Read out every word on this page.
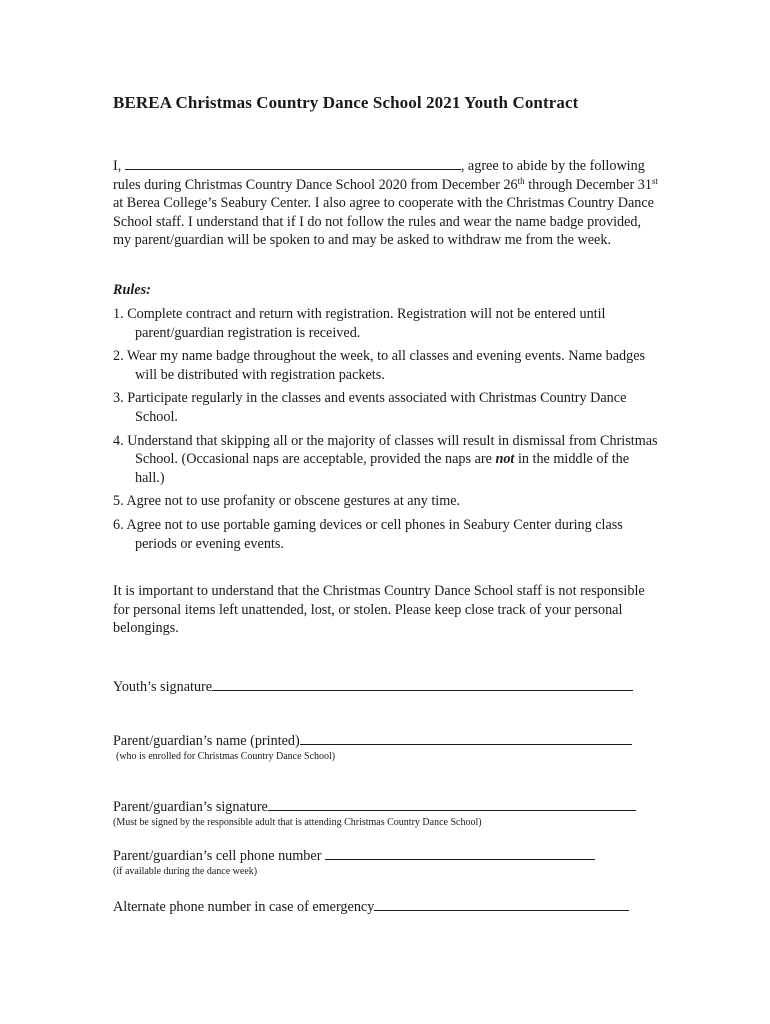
BEREA Christmas Country Dance School 2021 Youth Contract
I,	, agree to abide by the following rules during Christmas Country Dance School 2020 from December 26th through December 31st at Berea College’s Seabury Center. I also agree to cooperate with the Christmas Country Dance School staff. I understand that if I do not follow the rules and wear the name badge provided, my parent/guardian will be spoken to and may be asked to withdraw me from the week.
Rules:
1. Complete contract and return with registration. Registration will not be entered until parent/guardian registration is received.
2. Wear my name badge throughout the week, to all classes and evening events. Name badges will be distributed with registration packets.
3. Participate regularly in the classes and events associated with Christmas Country Dance School.
4. Understand that skipping all or the majority of classes will result in dismissal from Christmas School. (Occasional naps are acceptable, provided the naps are not in the middle of the hall.)
5. Agree not to use profanity or obscene gestures at any time.
6. Agree not to use portable gaming devices or cell phones in Seabury Center during class periods or evening events.
It is important to understand that the Christmas Country Dance School staff is not responsible for personal items left unattended, lost, or stolen. Please keep close track of your personal belongings.
Youth’s signature
Parent/guardian’s name (printed)
(who is enrolled for Christmas Country Dance School)
Parent/guardian’s signature
(Must be signed by the responsible adult that is attending Christmas Country Dance School)
Parent/guardian’s cell phone number
(if available during the dance week)
Alternate phone number in case of emergency
